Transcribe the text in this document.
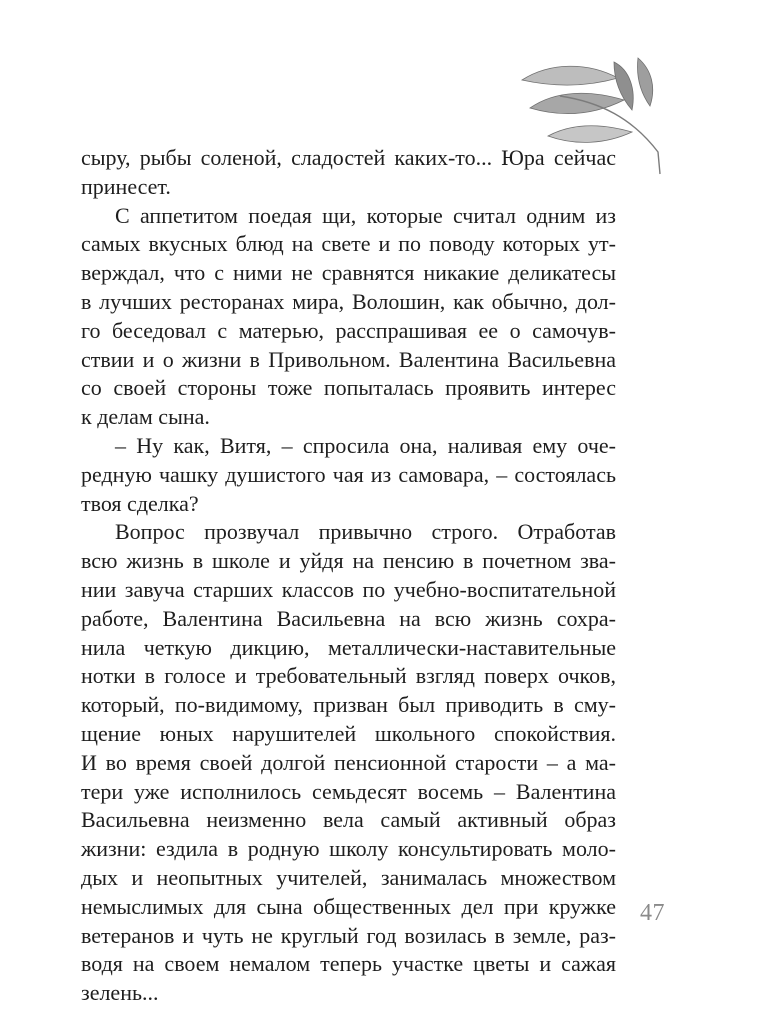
сыру, рыбы соленой, сладостей каких-то... Юра сейчас

принесет.

С аппетитом поедая щи, которые считал одним из

самых вкусных блюд на свете и по поводу которых ут-

верждал, что с ними не сравнятся никакие деликатесы

в лучших ресторанах мира, Волошин, как обычно, дол-

го беседовал с матерью, расспрашивая ее о самочув-

ствии и о жизни в Привольном. Валентина Васильевна

со своей стороны тоже попыталась проявить интерес

к делам сына.

– Ну как, Витя, – спросила она, наливая ему оче-

редную чашку душистого чая из самовара, – состоялась

твоя сделка?

Вопрос прозвучал привычно строго. Отработав

всю жизнь в школе и уйдя на пенсию в почетном зва-

нии завуча старших классов по учебно-воспитательной

работе, Валентина Васильевна на всю жизнь сохра-

нила четкую дикцию, металлически-наставительные

нотки в голосе и требовательный взгляд поверх очков,

который, по-видимому, призван был приводить в сму-

щение юных нарушителей школьного спокойствия.

И во время своей долгой пенсионной старости – а ма-

тери уже исполнилось семьдесят восемь – Валентина

Васильевна неизменно вела самый активный образ

жизни: ездила в родную школу консультировать моло-

дых и неопытных учителей, занималась множеством

немыслимых для сына общественных дел при кружке

ветеранов и чуть не круглый год возилась в земле, раз-

водя на своем немалом теперь участке цветы и сажая

зелень...

47
